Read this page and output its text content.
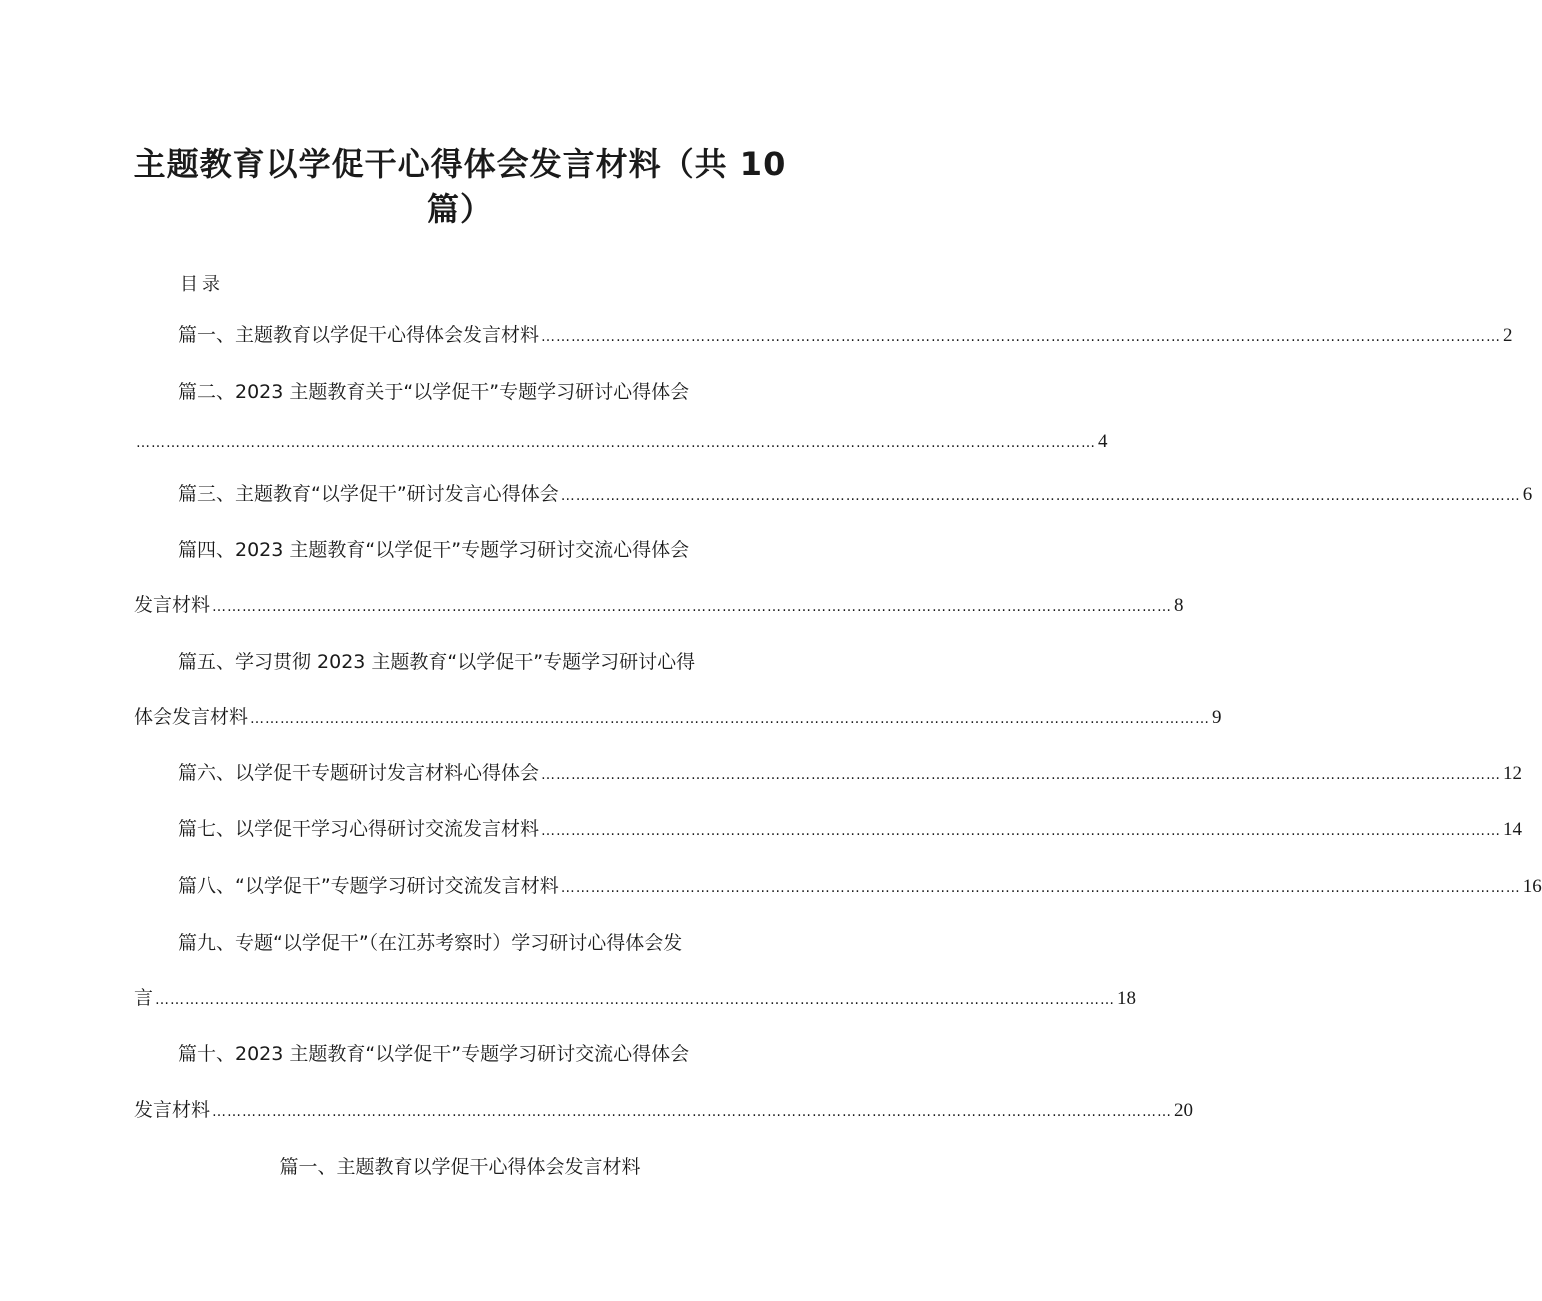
主题教育以学促干心得体会发言材料（共 10
篇）
目录
篇一、主题教育以学促干心得体会发言材料 ………………………………………………………………………………………………………………………………………………………………………… 2
篇二、2023 主题教育关于“以学促干”专题学习研讨心得体会
………………………………………………………………………………………………………………………………………………………………………… 4
篇三、主题教育“以学促干”研讨发言心得体会 ………………………………………………………………………………………………………………………………………………………………………… 6
篇四、2023 主题教育“以学促干”专题学习研讨交流心得体会
发言材料 ………………………………………………………………………………………………………………………………………………………………………… 8
篇五、学习贯彻 2023 主题教育“以学促干”专题学习研讨心得
体会发言材料 ………………………………………………………………………………………………………………………………………………………………………… 9
篇六、以学促干专题研讨发言材料心得体会 ………………………………………………………………………………………………………………………………………………………………………… 12
篇七、以学促干学习心得研讨交流发言材料 ………………………………………………………………………………………………………………………………………………………………………… 14
篇八、“以学促干”专题学习研讨交流发言材料 ………………………………………………………………………………………………………………………………………………………………………… 16
篇九、专题“以学促干”（在江苏考察时）学习研讨心得体会发
言 ………………………………………………………………………………………………………………………………………………………………………… 18
篇十、2023 主题教育“以学促干”专题学习研讨交流心得体会
发言材料 ………………………………………………………………………………………………………………………………………………………………………… 20
篇一、主题教育以学促干心得体会发言材料
